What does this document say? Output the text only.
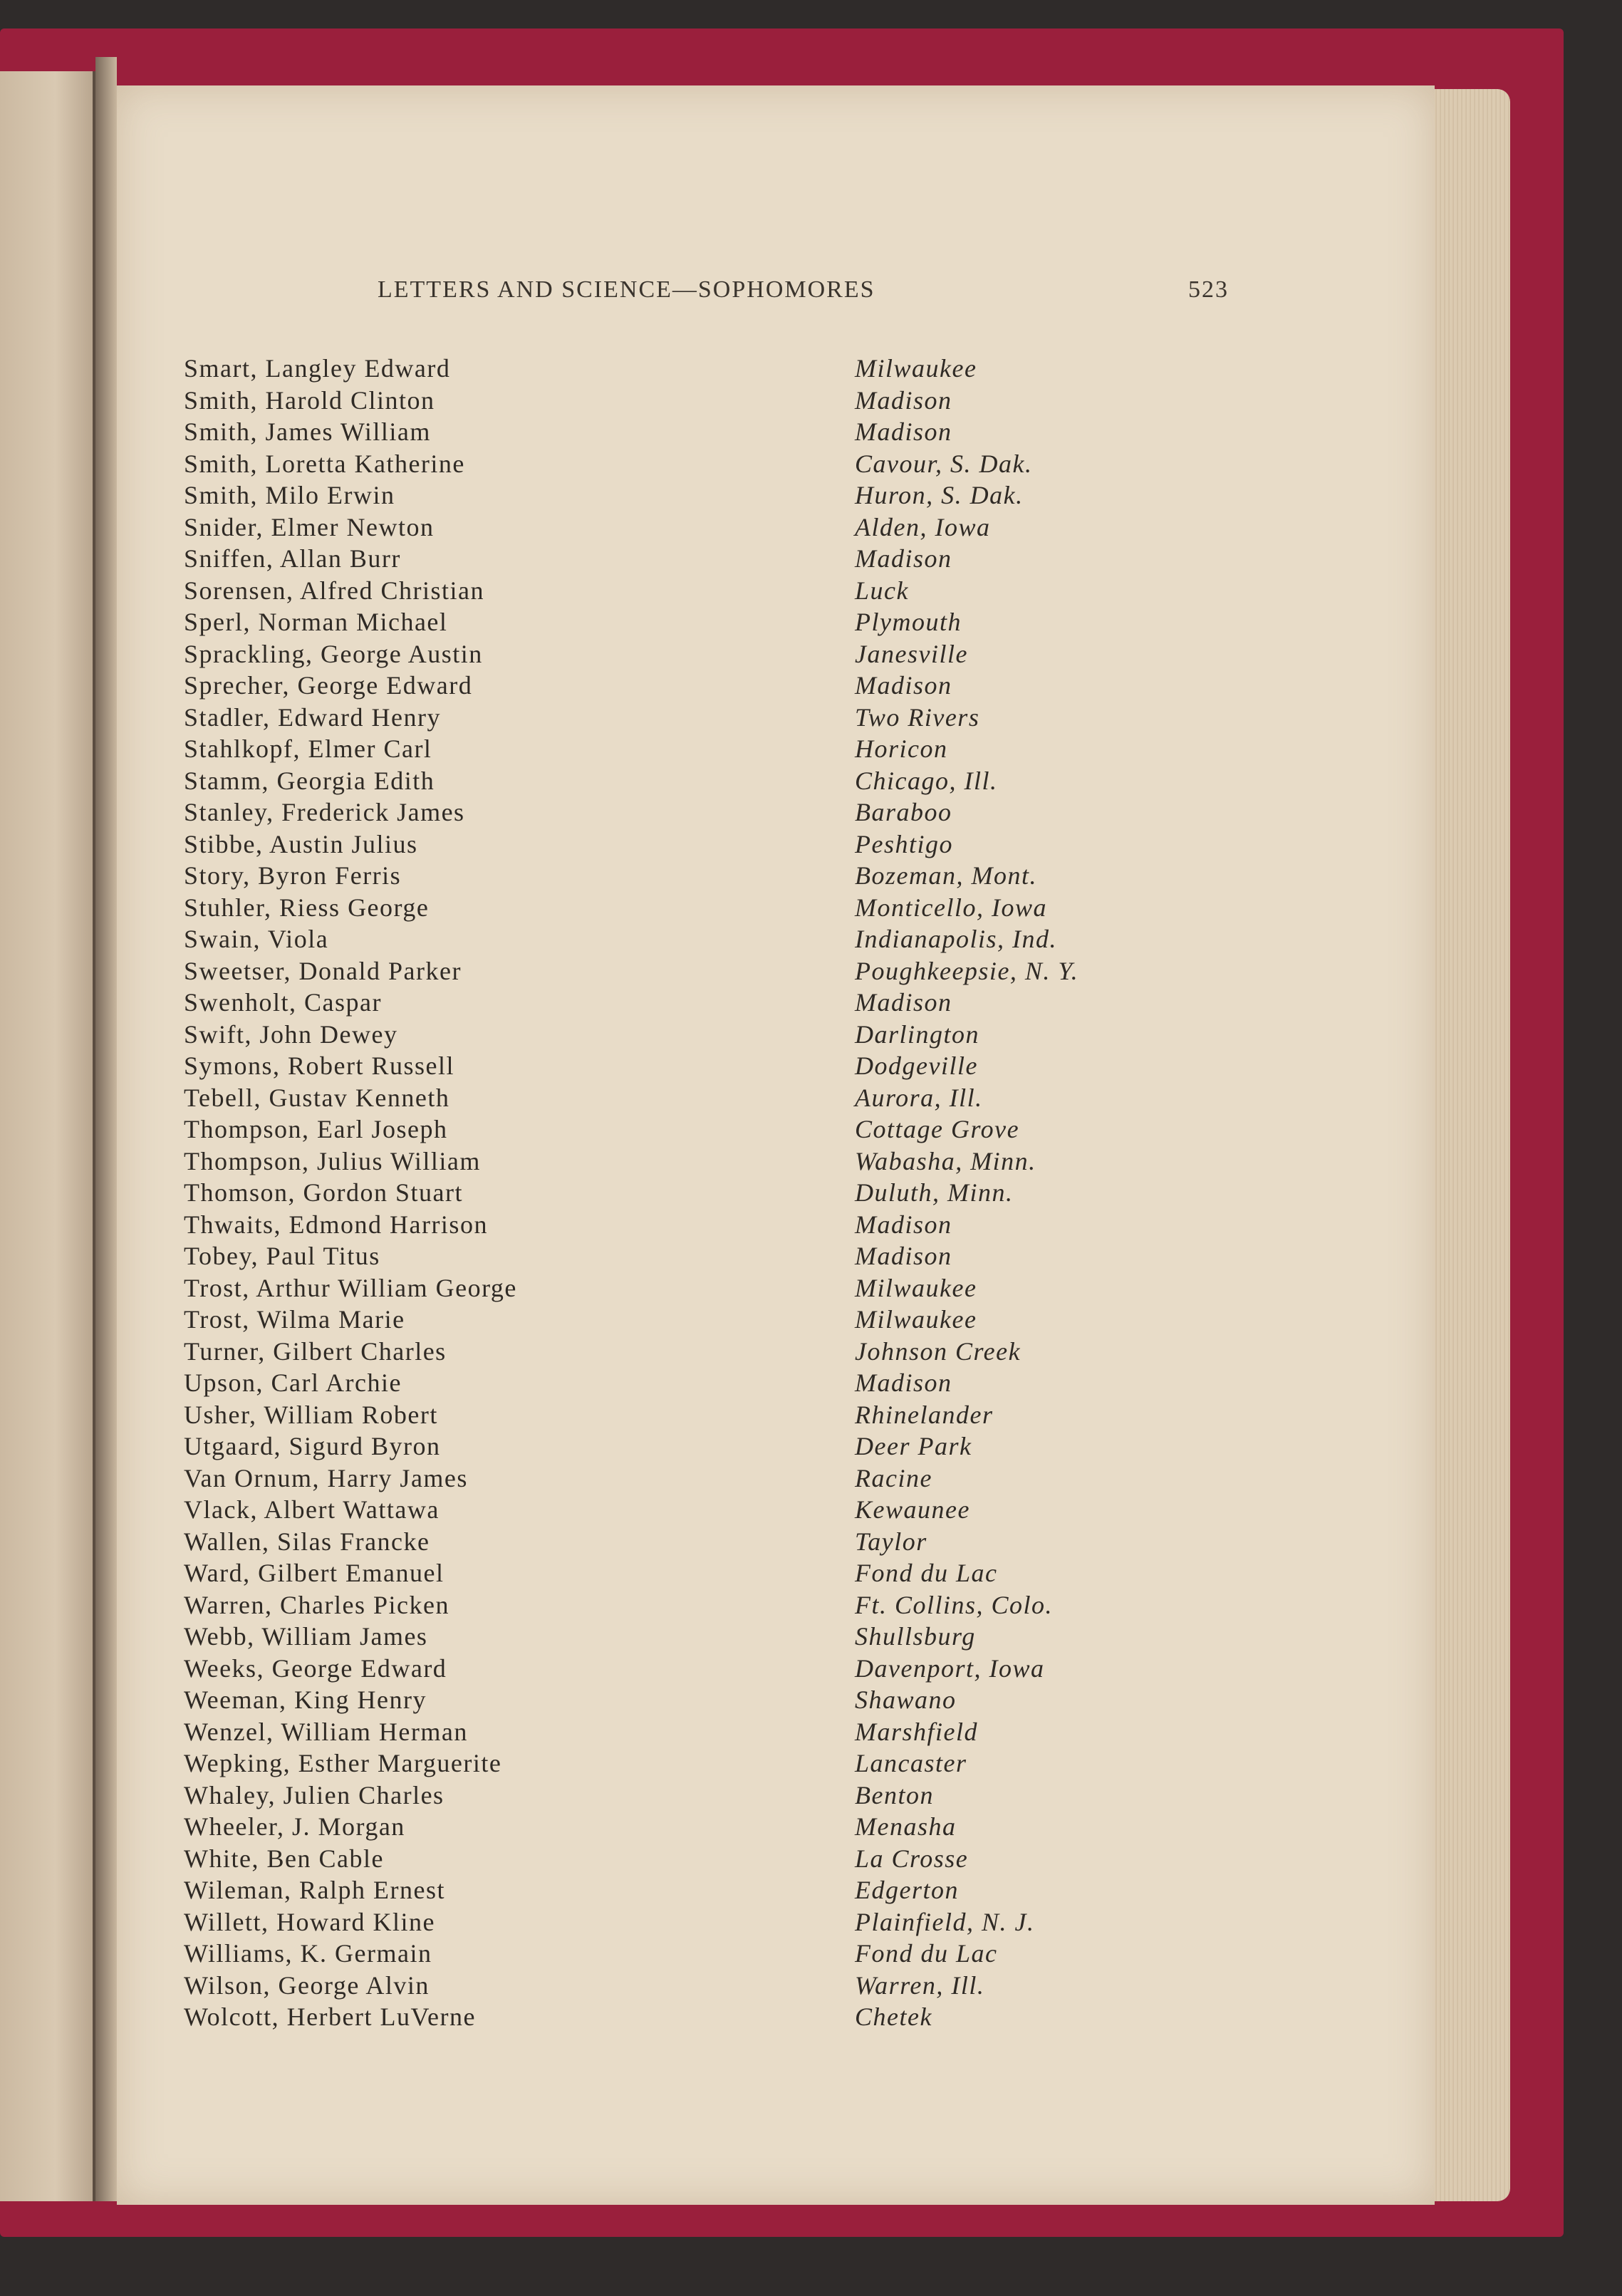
LETTERS AND SCIENCE—SOPHOMORES	523
Smart, Langley Edward	Milwaukee
Smith, Harold Clinton	Madison
Smith, James William	Madison
Smith, Loretta Katherine	Cavour, S. Dak.
Smith, Milo Erwin	Huron, S. Dak.
Snider, Elmer Newton	Alden, Iowa
Sniffen, Allan Burr	Madison
Sorensen, Alfred Christian	Luck
Sperl, Norman Michael	Plymouth
Sprackling, George Austin	Janesville
Sprecher, George Edward	Madison
Stadler, Edward Henry	Two Rivers
Stahlkopf, Elmer Carl	Horicon
Stamm, Georgia Edith	Chicago, Ill.
Stanley, Frederick James	Baraboo
Stibbe, Austin Julius	Peshtigo
Story, Byron Ferris	Bozeman, Mont.
Stuhler, Riess George	Monticello, Iowa
Swain, Viola	Indianapolis, Ind.
Sweetser, Donald Parker	Poughkeepsie, N. Y.
Swenholt, Caspar	Madison
Swift, John Dewey	Darlington
Symons, Robert Russell	Dodgeville
Tebell, Gustav Kenneth	Aurora, Ill.
Thompson, Earl Joseph	Cottage Grove
Thompson, Julius William	Wabasha, Minn.
Thomson, Gordon Stuart	Duluth, Minn.
Thwaits, Edmond Harrison	Madison
Tobey, Paul Titus	Madison
Trost, Arthur William George	Milwaukee
Trost, Wilma Marie	Milwaukee
Turner, Gilbert Charles	Johnson Creek
Upson, Carl Archie	Madison
Usher, William Robert	Rhinelander
Utgaard, Sigurd Byron	Deer Park
Van Ornum, Harry James	Racine
Vlack, Albert Wattawa	Kewaunee
Wallen, Silas Francke	Taylor
Ward, Gilbert Emanuel	Fond du Lac
Warren, Charles Picken	Ft. Collins, Colo.
Webb, William James	Shullsburg
Weeks, George Edward	Davenport, Iowa
Weeman, King Henry	Shawano
Wenzel, William Herman	Marshfield
Wepking, Esther Marguerite	Lancaster
Whaley, Julien Charles	Benton
Wheeler, J. Morgan	Menasha
White, Ben Cable	La Crosse
Wileman, Ralph Ernest	Edgerton
Willett, Howard Kline	Plainfield, N. J.
Williams, K. Germain	Fond du Lac
Wilson, George Alvin	Warren, Ill.
Wolcott, Herbert LuVerne	Chetek
